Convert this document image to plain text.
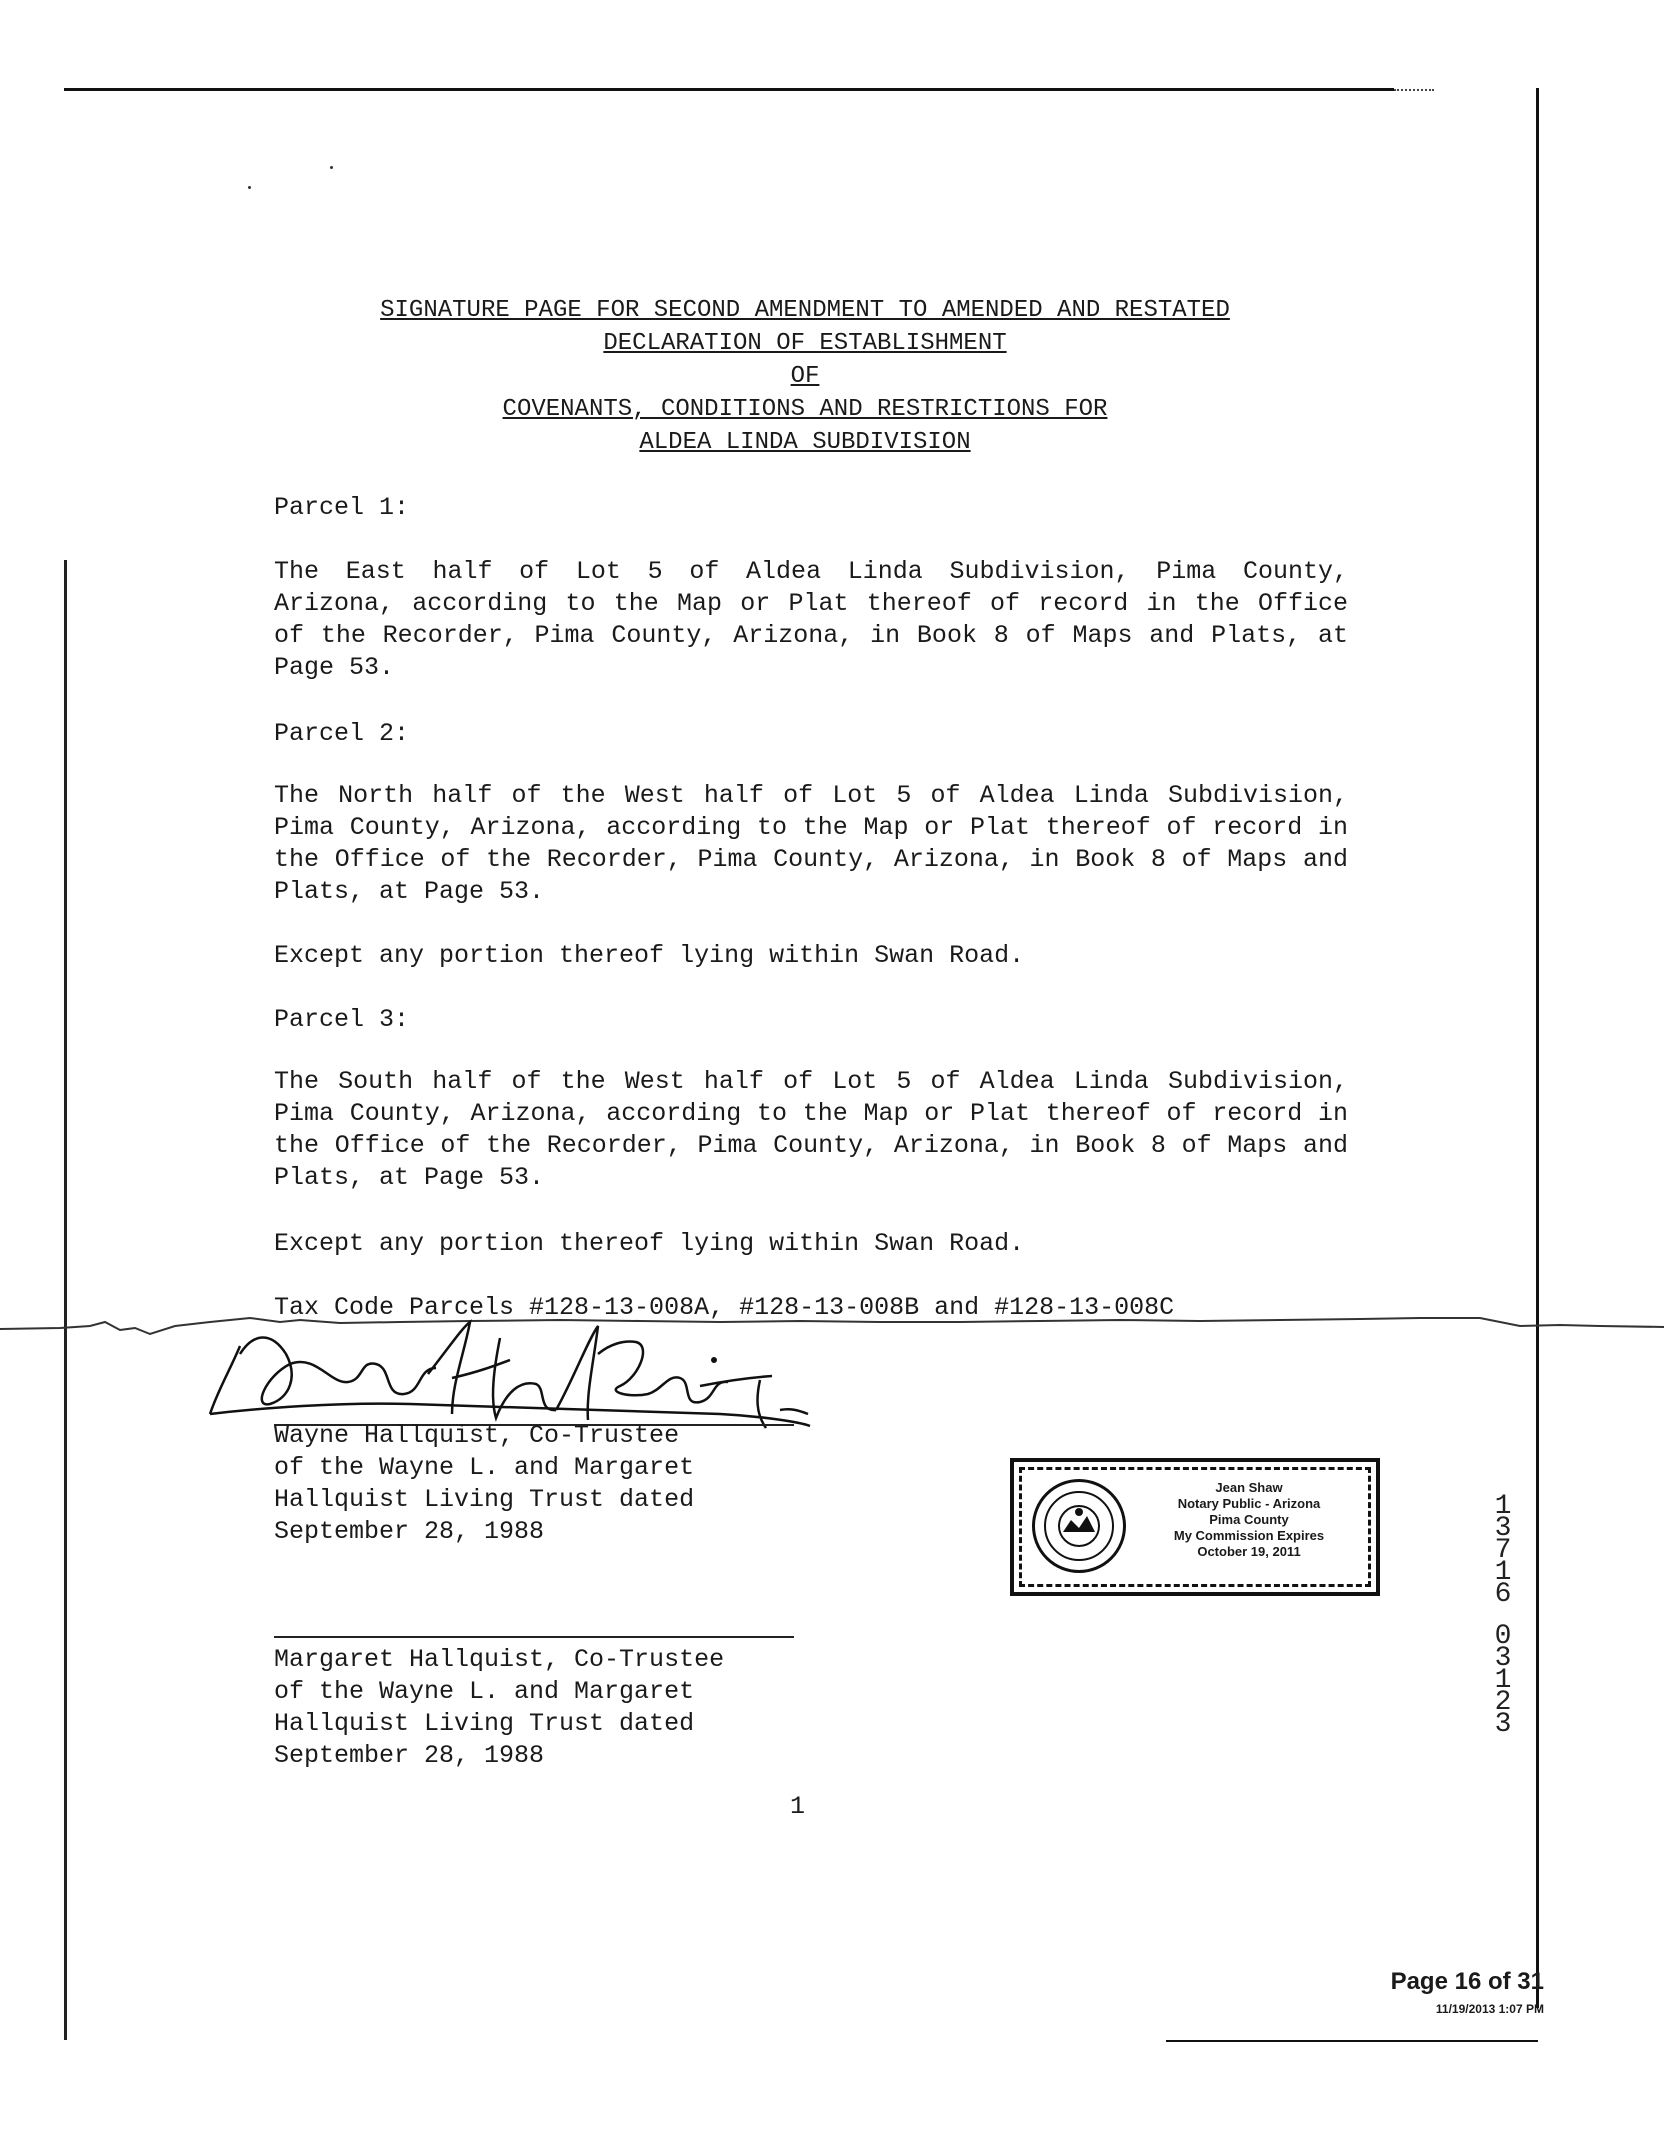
SIGNATURE PAGE FOR SECOND AMENDMENT TO AMENDED AND RESTATED
DECLARATION OF ESTABLISHMENT
OF
COVENANTS, CONDITIONS AND RESTRICTIONS FOR
ALDEA LINDA SUBDIVISION
Parcel 1:
The East half of Lot 5 of Aldea Linda Subdivision, Pima County, Arizona, according to the Map or Plat thereof of record in the Office of the Recorder, Pima County, Arizona, in Book 8 of Maps and Plats, at Page 53.
Parcel 2:
The North half of the West half of Lot 5 of Aldea Linda Subdivision, Pima County, Arizona, according to the Map or Plat thereof of record in the Office of the Recorder, Pima County, Arizona, in Book 8 of Maps and Plats, at Page 53.
Except any portion thereof lying within Swan Road.
Parcel 3:
The South half of the West half of Lot 5 of Aldea Linda Subdivision, Pima County, Arizona, according to the Map or Plat thereof of record in the Office of the Recorder, Pima County, Arizona, in Book 8 of Maps and Plats, at Page 53.
Except any portion thereof lying within Swan Road.
Tax Code Parcels #128-13-008A, #128-13-008B and #128-13-008C
Wayne Hallquist, Co-Trustee
of the Wayne L. and Margaret
Hallquist Living Trust dated
September 28, 1988
Jean Shaw
Notary Public - Arizona
Pima County
My Commission Expires
October 19, 2011
1
3
7
1
6
0
3
1
2
3
Margaret Hallquist, Co-Trustee
of the Wayne L. and Margaret
Hallquist Living Trust dated
September 28, 1988
1
Page 16 of 31
11/19/2013 1:07 PM
